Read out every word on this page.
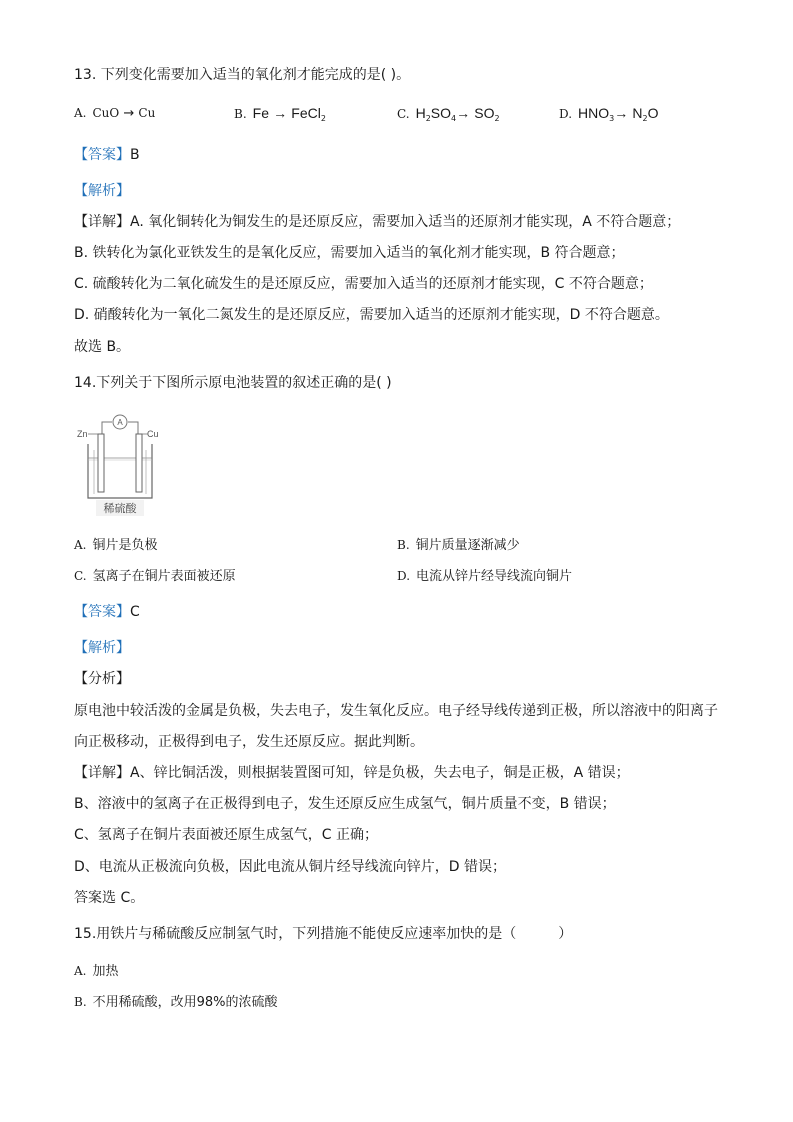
13. 下列变化需要加入适当的氧化剂才能完成的是( )。
A. CuO → Cu	B. Fe → FeCl$_2$	C. $H_2SO_4\to SO_2$	D. $HNO_3\to N_2O$
【答案】B
【解析】
【详解】A. 氧化铜转化为铜发生的是还原反应，需要加入适当的还原剂才能实现，A 不符合题意；
B. 铁转化为氯化亚铁发生的是氧化反应，需要加入适当的氧化剂才能实现，B 符合题意；
C. 硫酸转化为二氧化硫发生的是还原反应，需要加入适当的还原剂才能实现，C 不符合题意；
D. 硝酸转化为一氧化二氮发生的是还原反应，需要加入适当的还原剂才能实现，D 不符合题意。
故选 B。
14.下列关于下图所示原电池装置的叙述正确的是( )
A
Zn	Cu
稀硫酸
A. 铜片是负极	B. 铜片质量逐渐减少
C. 氢离子在铜片表面被还原	D. 电流从锌片经导线流向铜片
【答案】C
【解析】
【分析】
原电池中较活泼的金属是负极，失去电子，发生氧化反应。电子经导线传递到正极，所以溶液中的阳离子
向正极移动，正极得到电子，发生还原反应。据此判断。
【详解】A、锌比铜活泼，则根据装置图可知，锌是负极，失去电子，铜是正极，A 错误；
B、溶液中的氢离子在正极得到电子，发生还原反应生成氢气，铜片质量不变，B 错误；
C、氢离子在铜片表面被还原生成氢气，C 正确；
D、电流从正极流向负极，因此电流从铜片经导线流向锌片，D 错误；
答案选 C。
15.用铁片与稀硫酸反应制氢气时，下列措施不能使反应速率加快的是（　　　）
A. 加热
B. 不用稀硫酸，改用98%的浓硫酸
